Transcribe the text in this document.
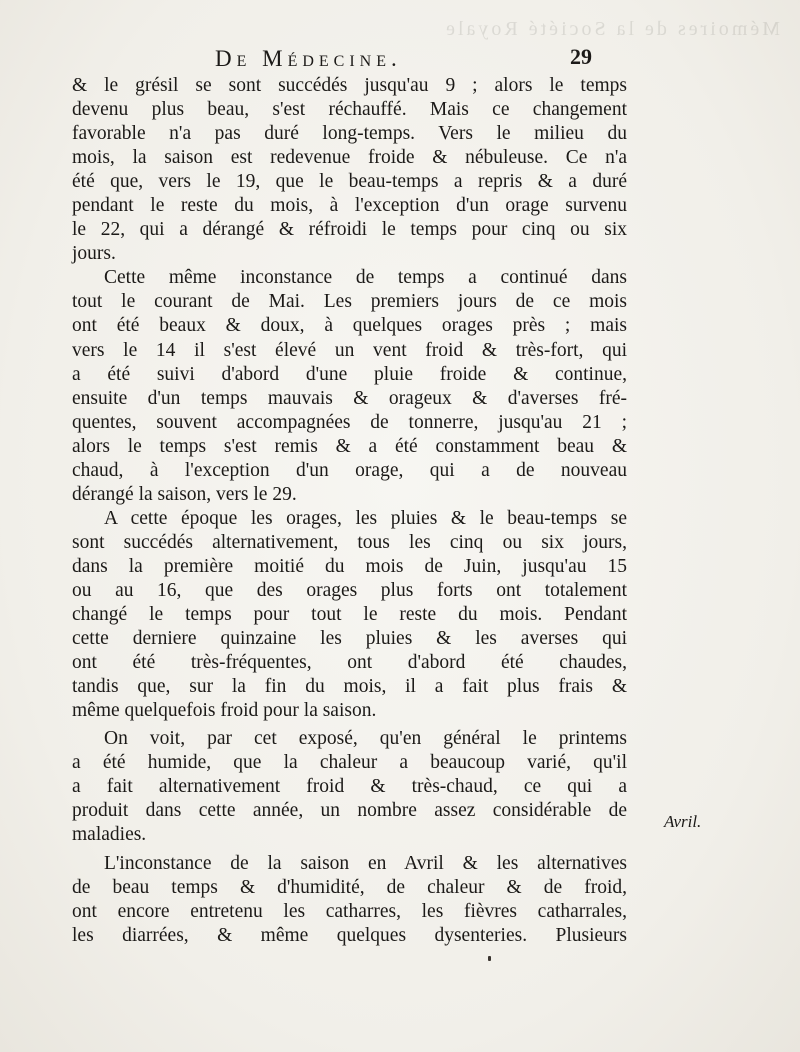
Mémoires de la Société Royale
De Médecine.	29
& le grésil se sont succédés jusqu'au 9 ; alors le temps
devenu plus beau, s'est réchauffé. Mais ce changement
favorable n'a pas duré long-temps. Vers le milieu du
mois, la saison est redevenue froide & nébuleuse. Ce n'a
été que, vers le 19, que le beau-temps a repris & a duré
pendant le reste du mois, à l'exception d'un orage survenu
le 22, qui a dérangé & réfroidi le temps pour cinq ou six
jours.
Cette même inconstance de temps a continué dans
tout le courant de Mai. Les premiers jours de ce mois
ont été beaux & doux, à quelques orages près ; mais
vers le 14 il s'est élevé un vent froid & très-fort, qui
a été suivi d'abord d'une pluie froide & continue,
ensuite d'un temps mauvais & orageux & d'averses fré-
quentes, souvent accompagnées de tonnerre, jusqu'au 21 ;
alors le temps s'est remis & a été constamment beau &
chaud, à l'exception d'un orage, qui a de nouveau
dérangé la saison, vers le 29.
A cette époque les orages, les pluies & le beau-temps se
sont succédés alternativement, tous les cinq ou six jours,
dans la première moitié du mois de Juin, jusqu'au 15
ou au 16, que des orages plus forts ont totalement
changé le temps pour tout le reste du mois. Pendant
cette derniere quinzaine les pluies & les averses qui
ont été très-fréquentes, ont d'abord été chaudes,
tandis que, sur la fin du mois, il a fait plus frais &
même quelquefois froid pour la saison.
On voit, par cet exposé, qu'en général le printems
a été humide, que la chaleur a beaucoup varié, qu'il
a fait alternativement froid & très-chaud, ce qui a
produit dans cette année, un nombre assez considérable de
maladies.
L'inconstance de la saison en Avril & les alternatives
de beau temps & d'humidité, de chaleur & de froid,
ont encore entretenu les catharres, les fièvres catharrales,
les diarrées, & même quelques dysenteries. Plusieurs
Avril.
